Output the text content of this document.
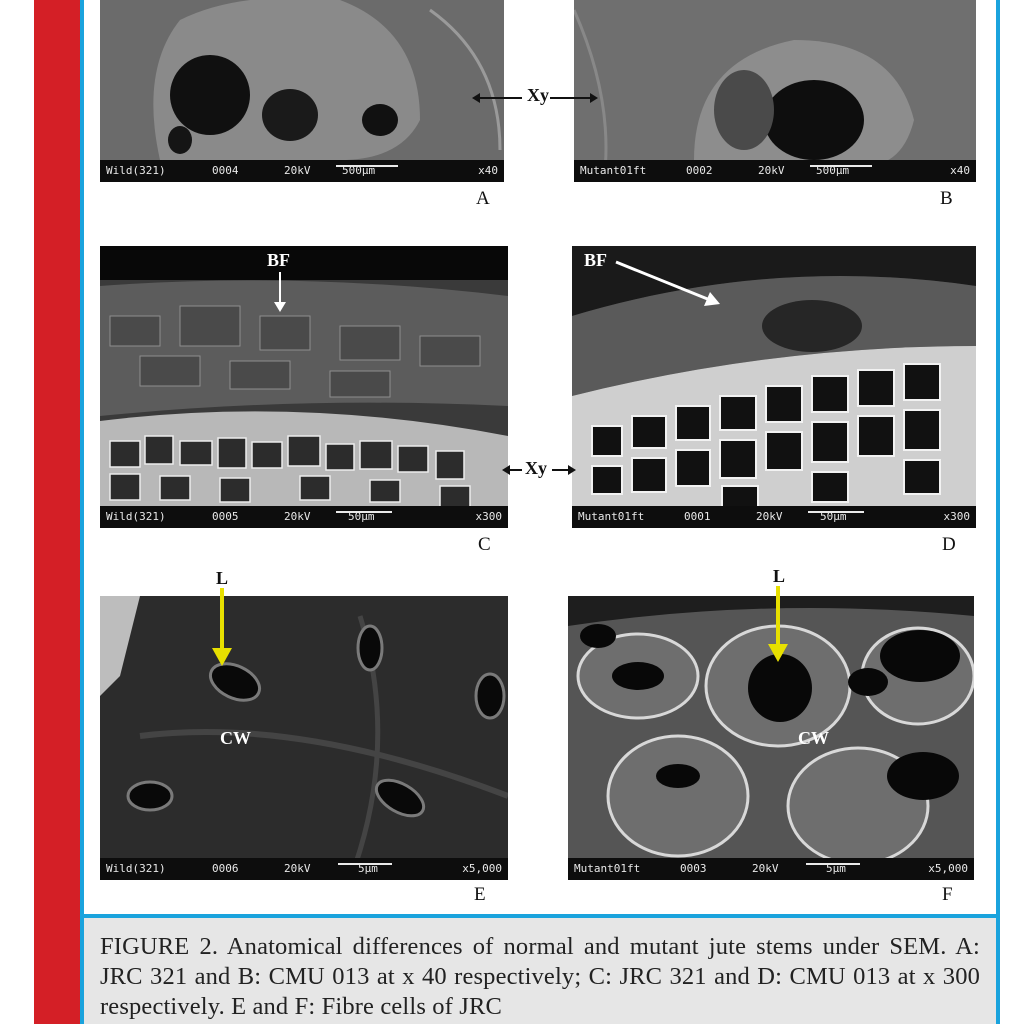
Wild(321)	0004	20kV	500µm	x40
A
Mutant01ft	0002	20kV	500µm	x40
B
Xy
Wild(321)	0005	20kV	50µm	x300
C
BF
Mutant01ft	0001	20kV	50µm	x300
D
BF
Xy
Wild(321)	0006	20kV	5µm	x5,000
E
L
CW
Mutant01ft	0003	20kV	5µm	x5,000
F
L
CW

FIGURE 2. Anatomical differences of normal and mutant jute stems under SEM. A: JRC 321 and B: CMU 013 at x 40 respectively; C: JRC 321 and D: CMU 013 at x 300 respectively. E and F: Fibre cells of JRC
